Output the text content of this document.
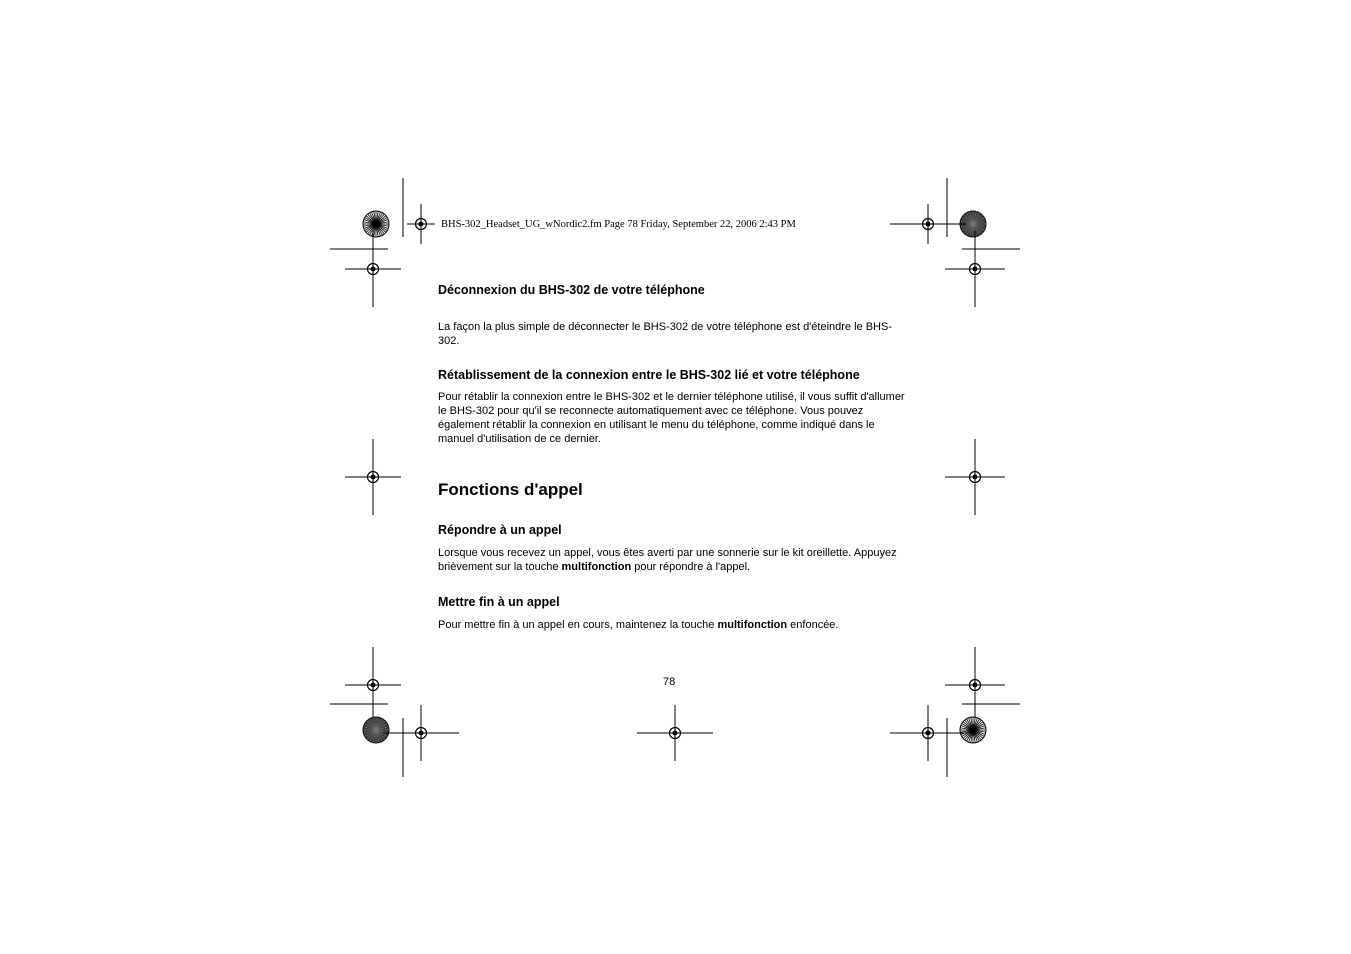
BHS-302_Headset_UG_wNordic2.fm Page 78 Friday, September 22, 2006 2:43 PM
Déconnexion du BHS-302 de votre téléphone
La façon la plus simple de déconnecter le BHS-302 de votre téléphone est d'éteindre le BHS-302.
Rétablissement de la connexion entre le BHS-302 lié et votre téléphone
Pour rétablir la connexion entre le BHS-302 et le dernier téléphone utilisé, il vous suffit d'allumer le BHS-302 pour qu'il se reconnecte automatiquement avec ce téléphone. Vous pouvez également rétablir la connexion en utilisant le menu du téléphone, comme indiqué dans le manuel d'utilisation de ce dernier.
Fonctions d'appel
Répondre à un appel
Lorsque vous recevez un appel, vous êtes averti par une sonnerie sur le kit oreillette. Appuyez brièvement sur la touche multifonction pour répondre à l'appel.
Mettre fin à un appel
Pour mettre fin à un appel en cours, maintenez la touche multifonction enfoncée.
78
